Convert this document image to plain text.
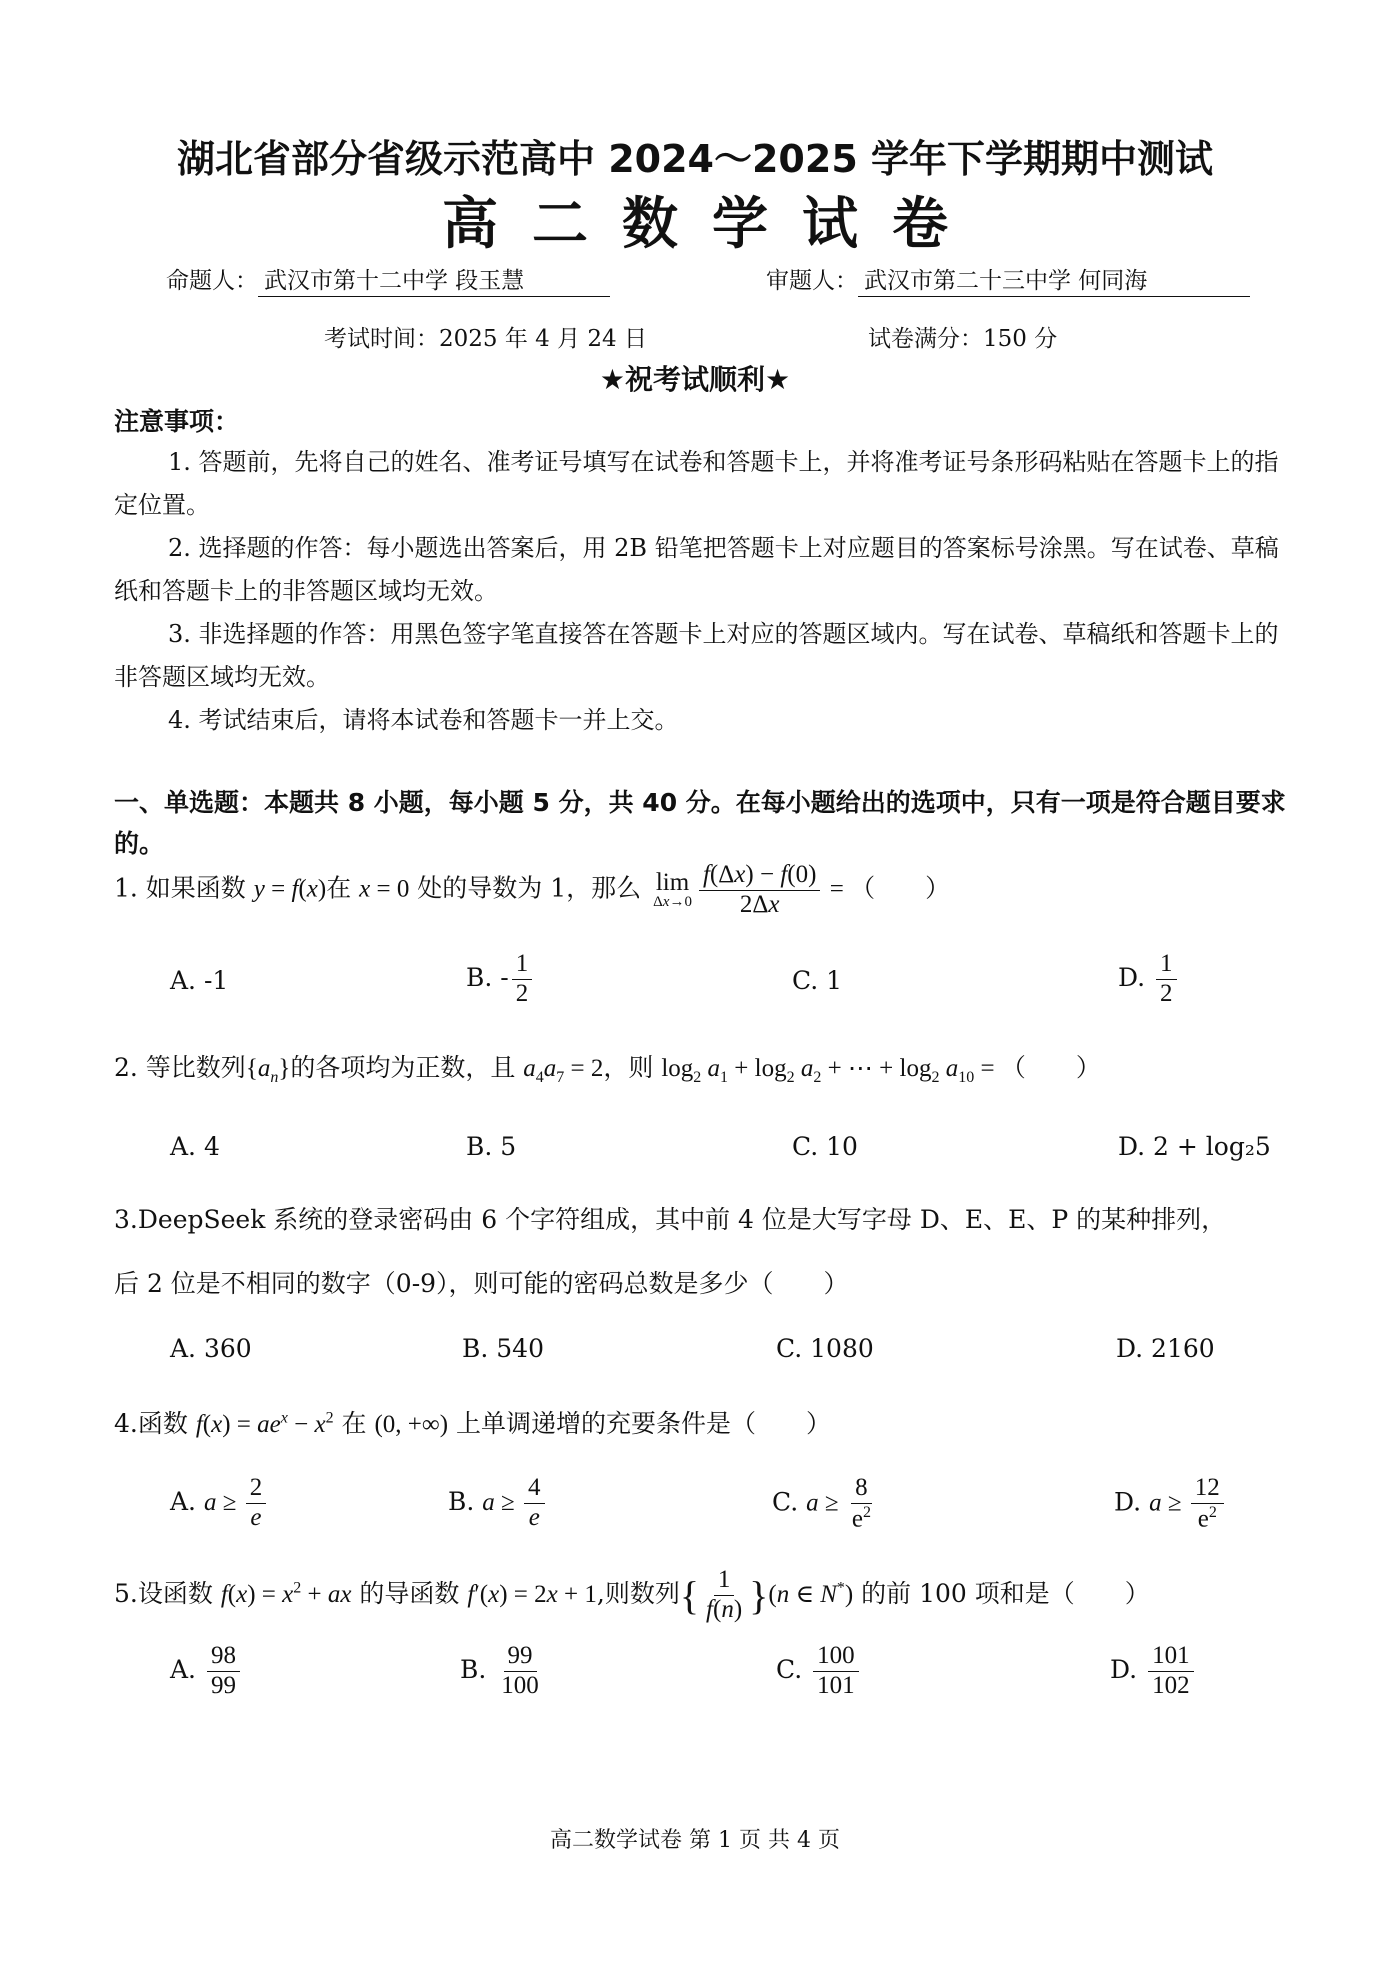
湖北省部分省级示范高中 2024～2025 学年下学期期中测试
高二数学试卷
命题人： 武汉市第十二中学 段玉慧	审题人： 武汉市第二十三中学 何同海
考试时间：2025 年 4 月 24 日	试卷满分：150 分
★祝考试顺利★
注意事项：
1. 答题前，先将自己的姓名、准考证号填写在试卷和答题卡上，并将准考证号条形码粘贴在答题卡上的指定位置。
2. 选择题的作答：每小题选出答案后，用 2B 铅笔把答题卡上对应题目的答案标号涂黑。写在试卷、草稿纸和答题卡上的非答题区域均无效。
3. 非选择题的作答：用黑色签字笔直接答在答题卡上对应的答题区域内。写在试卷、草稿纸和答题卡上的非答题区域均无效。
4. 考试结束后，请将本试卷和答题卡一并上交。
一、单选题：本题共 8 小题，每小题 5 分，共 40 分。在每小题给出的选项中，只有一项是符合题目要求的。
1. 如果函数 y = f(x)在 x = 0 处的导数为 1，那么 lim
$\Delta x\to 0 \frac{f(\Delta x) - f(0)}{2\Delta x}$ = （　　）
A. -1	B. - $\frac{1}{2}$	C. 1	D. $\frac{1}{2}$
2. 等比数列$\{a_n\}$的各项均为正数，且 $a_4a_7 = 2$，则 $\log_2 a_1 + \log_2 a_2$ + ⋯ + $\log_2 a_{10}$ = （　　）
A. 4	B. 5	C. 10	D. 2 + log₂5
3.DeepSeek 系统的登录密码由 6 个字符组成，其中前 4 位是大写字母 D、E、E、P 的某种排列，
后 2 位是不相同的数字（0-9），则可能的密码总数是多少（　　）
A. 360	B. 540	C. 1080	D. 2160
4.函数 $f(x) = ae^x - x^2$ 在 (0, +∞) 上单调递增的充要条件是（　　）
A. $a \ge \frac{2}{e}$	B. $a \ge \frac{4}{e}$	C. $a \ge \frac{8}{e^2}$	D. $a \ge \frac{12}{e^2}$
5.设函数 $f(x) = x^2$ + ax 的导函数 f′(x) = 2x + 1,则数列{ $\frac{1}{f(n)} \}(n$ ∈ N*) 的前 100 项和是（　　）
A. $\frac{98}{99}$	B. $\frac{99}{100}$	C. $\frac{100}{101}$	D. $\frac{101}{102}$
高二数学试卷 第 1 页 共 4 页
